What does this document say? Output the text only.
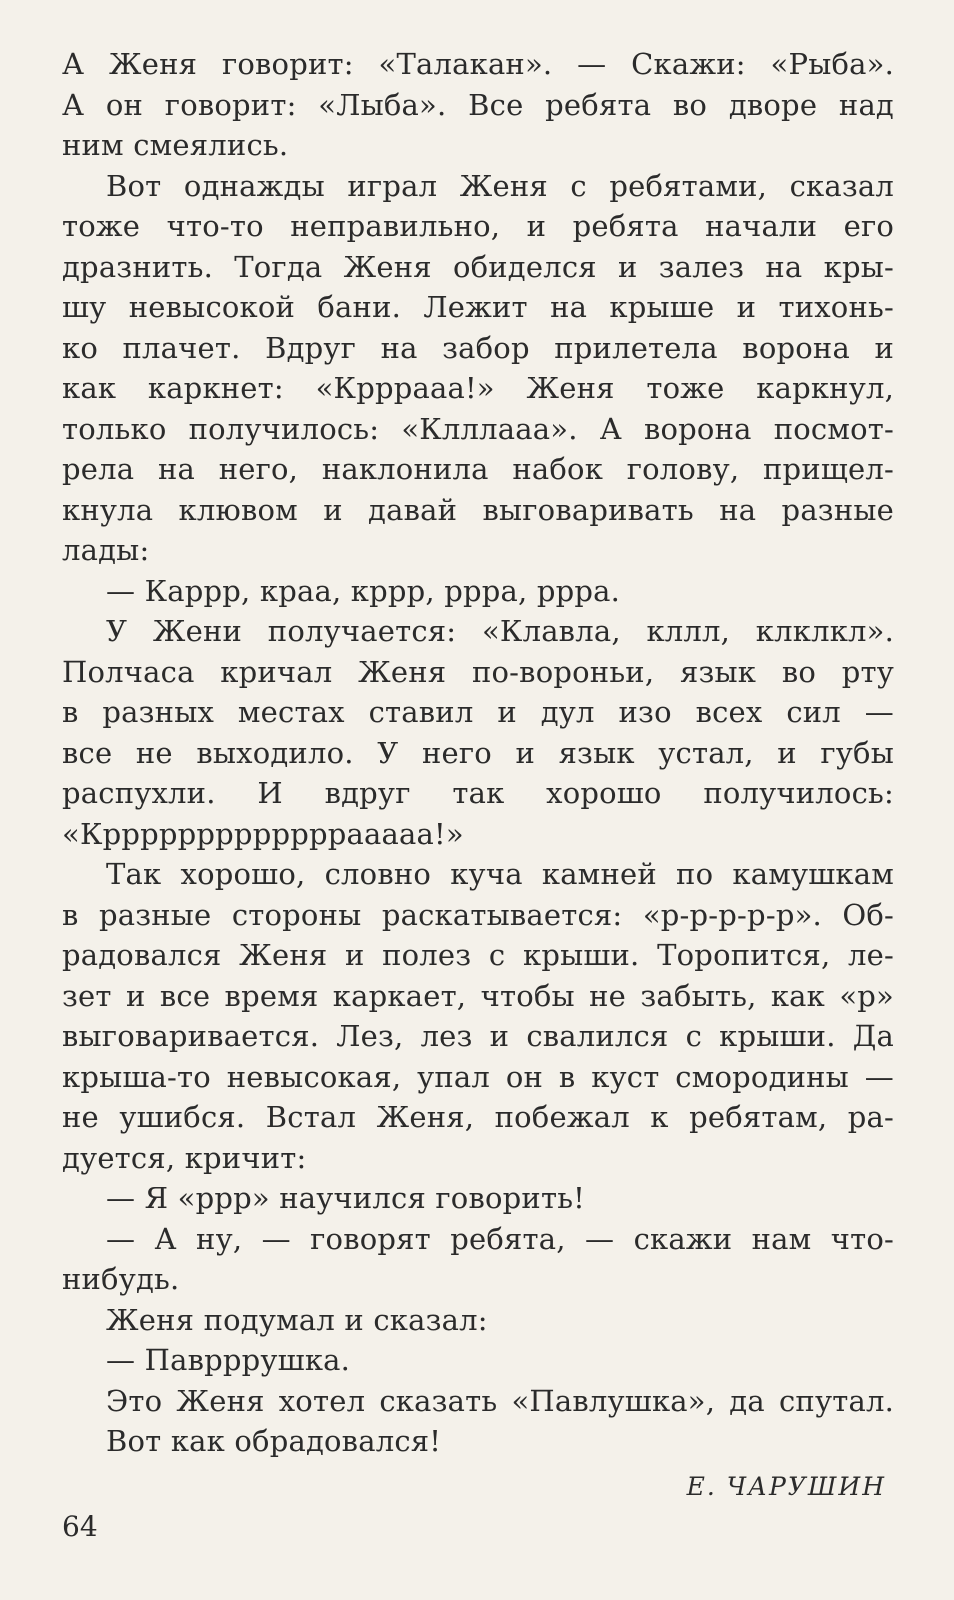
А Женя говорит: «Талакан». — Скажи: «Рыба».
А он говорит: «Лыба». Все ребята во дворе над
ним смеялись.
Вот однажды играл Женя с ребятами, сказал
тоже что-то неправильно, и ребята начали его
дразнить. Тогда Женя обиделся и залез на кры-
шу невысокой бани. Лежит на крыше и тихонь-
ко плачет. Вдруг на забор прилетела ворона и
как каркнет: «Крррааа!» Женя тоже каркнул,
только получилось: «Клллааа». А ворона посмот-
рела на него, наклонила набок голову, прищел-
кнула клювом и давай выговаривать на разные
лады:
— Каррр, краа, кррр, ррра, ррра.
У Жени получается: «Клавла, кллл, клклкл».
Полчаса кричал Женя по-вороньи, язык во рту
в разных местах ставил и дул изо всех сил —
все не выходило. У него и язык устал, и губы
распухли. И вдруг так хорошо получилось:
«Крррррррррррррааааа!»
Так хорошо, словно куча камней по камушкам
в разные стороны раскатывается: «р-р-р-р-р». Об-
радовался Женя и полез с крыши. Торопится, ле-
зет и все время каркает, чтобы не забыть, как «р»
выговаривается. Лез, лез и свалился с крыши. Да
крыша-то невысокая, упал он в куст смородины —
не ушибся. Встал Женя, побежал к ребятам, ра-
дуется, кричит:
— Я «ррр» научился говорить!
— А ну, — говорят ребята, — скажи нам что-
нибудь.
Женя подумал и сказал:
— Паврррушка.
Это Женя хотел сказать «Павлушка», да спутал.
Вот как обрадовался!
Е. ЧАРУШИН
64
